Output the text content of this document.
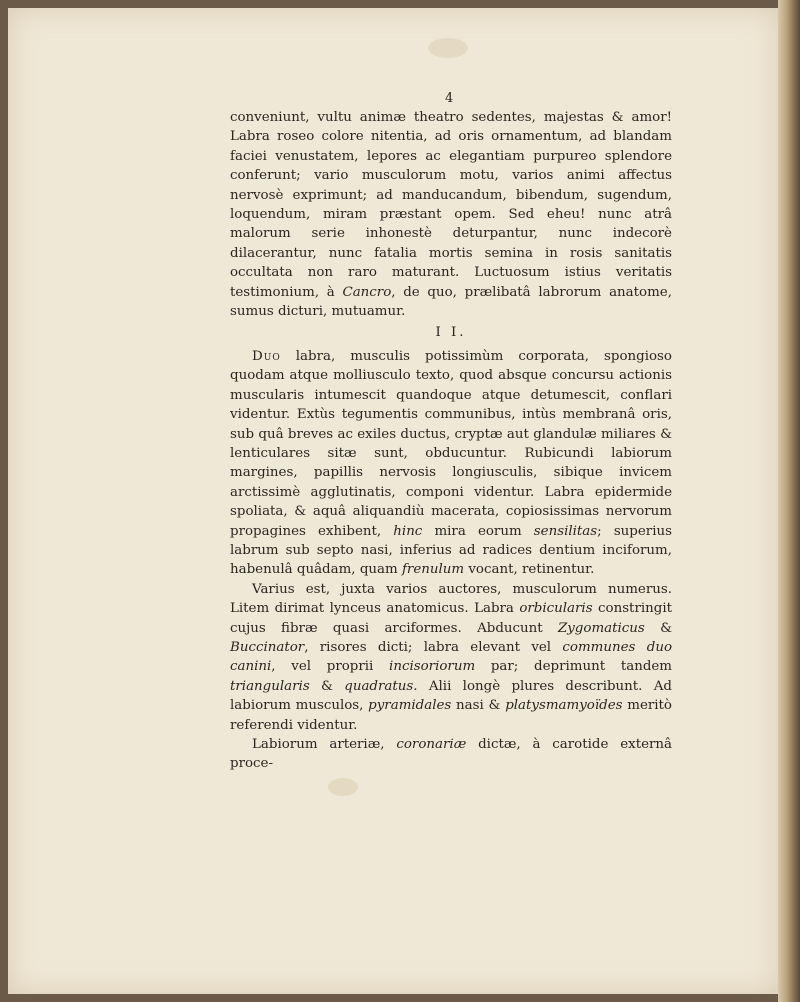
4

conveniunt, vultu animæ theatro sedentes, majestas & amor! Labra roseo colore nitentia, ad oris ornamentum, ad blandam faciei venustatem, lepores ac elegantiam purpureo splendore conferunt; vario musculorum motu, varios animi affectus nervosè exprimunt; ad manducandum, bibendum, sugendum, loquendum, miram præstant opem. Sed eheu! nunc atrâ malorum serie inhonestè deturpantur, nunc indecorè dilacerantur, nunc fatalia mortis semina in rosis sanitatis occultata non raro maturant. Luctuosum istius veritatis testimonium, à Cancro, de quo, prælibatâ labrorum anatome, sumus dicturi, mutuamur.

I I.

Duo labra, musculis potissimùm corporata, spongioso quodam atque molliusculo texto, quod absque concursu actionis muscularis intumescit quandoque atque detumescit, conflari videntur. Extùs tegumentis communibus, intùs membranâ oris, sub quâ breves ac exiles ductus, cryptæ aut glandulæ miliares & lenticulares sitæ sunt, obducuntur. Rubicundi labiorum margines, papillis nervosis longiusculis, sibique invicem arctissimè agglutinatis, componi videntur. Labra epidermide spoliata, & aquâ aliquandiù macerata, copiosissimas nervorum propagines exhibent, hinc mira eorum sensilitas; superius labrum sub septo nasi, inferius ad radices dentium inciforum, habenulâ quâdam, quam frenulum vocant, retinentur.

Varius est, juxta varios auctores, musculorum numerus. Litem dirimat lynceus anatomicus. Labra orbicularis constringit cujus fibræ quasi arciformes. Abducunt Zygomaticus & Buccinator, risores dicti; labra elevant vel communes duo canini, vel proprii incisoriorum par; deprimunt tandem triangularis & quadratus. Alii longè plures describunt. Ad labiorum musculos, pyramidales nasi & platysmamyoïdes meritò referendi videntur.

Labiorum arteriæ, coronariæ dictæ, à carotide externâ proce-
